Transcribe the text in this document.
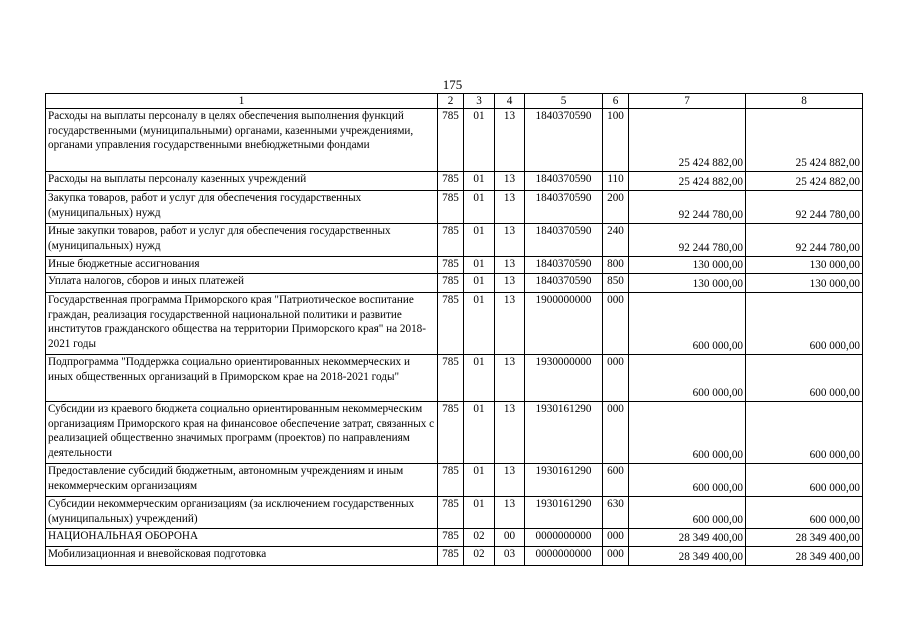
175
1	2	3	4	5	6	7	8
Расходы на выплаты персоналу в целях обеспечения выполнения функций государственными (муниципальными) органами, казенными учреждениями, органами управления государственными внебюджетными фондами	785	01	13	1840370590	100	25 424 882,00	25 424 882,00
Расходы на выплаты персоналу казенных учреждений	785	01	13	1840370590	110	25 424 882,00	25 424 882,00
Закупка товаров, работ и услуг для обеспечения государственных (муниципальных) нужд	785	01	13	1840370590	200	92 244 780,00	92 244 780,00
Иные закупки товаров, работ и услуг для обеспечения государственных (муниципальных) нужд	785	01	13	1840370590	240	92 244 780,00	92 244 780,00
Иные бюджетные ассигнования	785	01	13	1840370590	800	130 000,00	130 000,00
Уплата налогов, сборов и иных платежей	785	01	13	1840370590	850	130 000,00	130 000,00
Государственная программа Приморского края "Патриотическое воспитание граждан, реализация государственной национальной политики и развитие институтов гражданского общества на территории Приморского края" на 2018-2021 годы	785	01	13	1900000000	000	600 000,00	600 000,00
Подпрограмма "Поддержка социально ориентированных некоммерческих и иных общественных организаций в Приморском крае на 2018-2021 годы"	785	01	13	1930000000	000	600 000,00	600 000,00
Субсидии из краевого бюджета социально ориентированным некоммерческим организациям Приморского края на финансовое обеспечение затрат, связанных с реализацией общественно значимых программ (проектов) по направлениям деятельности	785	01	13	1930161290	000	600 000,00	600 000,00
Предоставление субсидий бюджетным, автономным учреждениям и иным некоммерческим организациям	785	01	13	1930161290	600	600 000,00	600 000,00
Субсидии некоммерческим организациям (за исключением государственных (муниципальных) учреждений)	785	01	13	1930161290	630	600 000,00	600 000,00
НАЦИОНАЛЬНАЯ ОБОРОНА	785	02	00	0000000000	000	28 349 400,00	28 349 400,00
Мобилизационная и вневойсковая подготовка	785	02	03	0000000000	000	28 349 400,00	28 349 400,00
